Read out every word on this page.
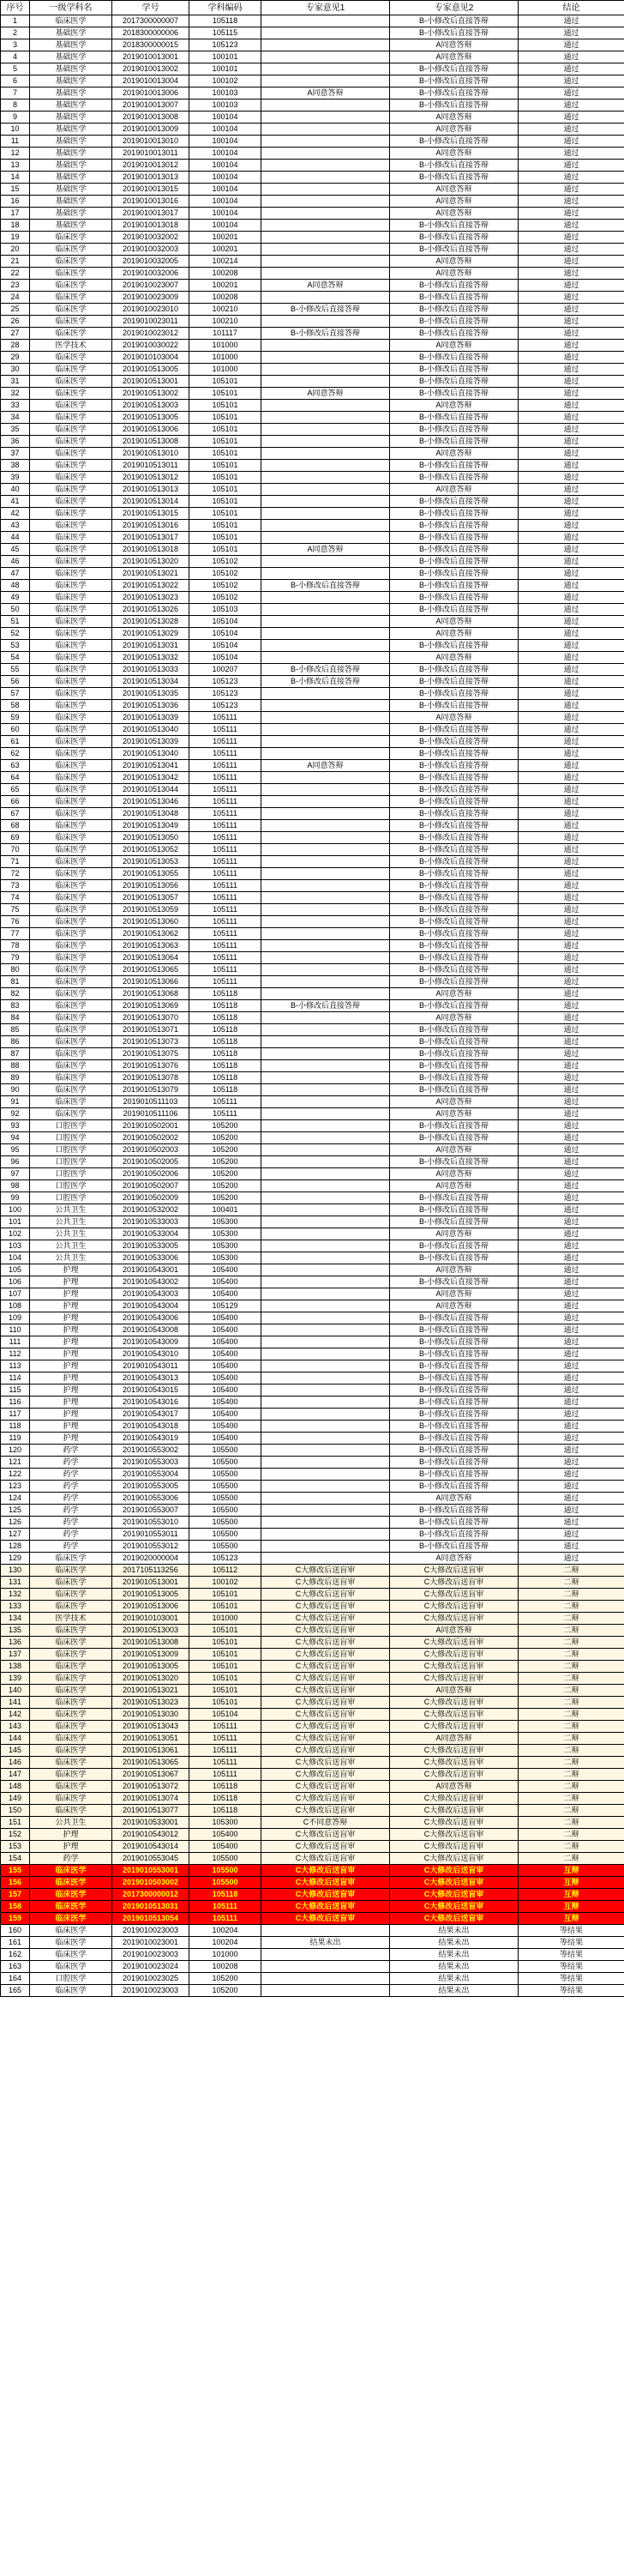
序号	一级学科名	学号	学科编码	专家意见1	专家意见2	结论
1	临床医学	2017300000007	105118		B-小修改后直接答辩	通过
2	基础医学	2018300000006	105115		B-小修改后直接答辩	通过
3	基础医学	2018300000015	105123		A同意答辩	通过
4	基础医学	2019010013001	100101		A同意答辩	通过
5	基础医学	2019010013002	100101		B-小修改后直接答辩	通过
6	基础医学	2019010013004	100102		B-小修改后直接答辩	通过
7	基础医学	2019010013006	100103	A同意答辩	B-小修改后直接答辩	通过
8	基础医学	2019010013007	100103		B-小修改后直接答辩	通过
9	基础医学	2019010013008	100104		A同意答辩	通过
10	基础医学	2019010013009	100104		A同意答辩	通过
11	基础医学	2019010013010	100104		B-小修改后直接答辩	通过
12	基础医学	2019010013011	100104		A同意答辩	通过
13	基础医学	2019010013012	100104		B-小修改后直接答辩	通过
14	基础医学	2019010013013	100104		B-小修改后直接答辩	通过
15	基础医学	2019010013015	100104		A同意答辩	通过
16	基础医学	2019010013016	100104		A同意答辩	通过
17	基础医学	2019010013017	100104		A同意答辩	通过
18	基础医学	2019010013018	100104		B-小修改后直接答辩	通过
19	临床医学	2019010032002	100201		B-小修改后直接答辩	通过
20	临床医学	2019010032003	100201		B-小修改后直接答辩	通过
21	临床医学	2019010032005	100214		A同意答辩	通过
22	临床医学	2019010032006	100208		A同意答辩	通过
23	临床医学	2019010023007	100201	A同意答辩	B-小修改后直接答辩	通过
24	临床医学	2019010023009	100208		B-小修改后直接答辩	通过
25	临床医学	2019010023010	100210	B-小修改后直接答辩	B-小修改后直接答辩	通过
26	临床医学	2019010023011	100210		B-小修改后直接答辩	通过
27	临床医学	2019010023012	101117	B-小修改后直接答辩	B-小修改后直接答辩	通过
28	医学技术	2019010030022	101000		A同意答辩	通过
29	临床医学	2019010103004	101000		B-小修改后直接答辩	通过
30	临床医学	2019010513005	101000		B-小修改后直接答辩	通过
31	临床医学	2019010513001	105101		B-小修改后直接答辩	通过
32	临床医学	2019010513002	105101	A同意答辩	B-小修改后直接答辩	通过
33	临床医学	2019010513003	105101		A同意答辩	通过
34	临床医学	2019010513005	105101		B-小修改后直接答辩	通过
35	临床医学	2019010513006	105101		B-小修改后直接答辩	通过
36	临床医学	2019010513008	105101		B-小修改后直接答辩	通过
37	临床医学	2019010513010	105101		A同意答辩	通过
38	临床医学	2019010513011	105101		B-小修改后直接答辩	通过
39	临床医学	2019010513012	105101		B-小修改后直接答辩	通过
40	临床医学	2019010513013	105101		A同意答辩	通过
41	临床医学	2019010513014	105101		B-小修改后直接答辩	通过
42	临床医学	2019010513015	105101		B-小修改后直接答辩	通过
43	临床医学	2019010513016	105101		B-小修改后直接答辩	通过
44	临床医学	2019010513017	105101		B-小修改后直接答辩	通过
45	临床医学	2019010513018	105101	A同意答辩	B-小修改后直接答辩	通过
46	临床医学	2019010513020	105102		B-小修改后直接答辩	通过
47	临床医学	2019010513021	105102		B-小修改后直接答辩	通过
48	临床医学	2019010513022	105102	B-小修改后直接答辩	B-小修改后直接答辩	通过
49	临床医学	2019010513023	105102		B-小修改后直接答辩	通过
50	临床医学	2019010513026	105103		B-小修改后直接答辩	通过
51	临床医学	2019010513028	105104		A同意答辩	通过
52	临床医学	2019010513029	105104		A同意答辩	通过
53	临床医学	2019010513031	105104		B-小修改后直接答辩	通过
54	临床医学	2019010513032	105104		A同意答辩	通过
55	临床医学	2019010513033	100207	B-小修改后直接答辩	B-小修改后直接答辩	通过
56	临床医学	2019010513034	105123	B-小修改后直接答辩	B-小修改后直接答辩	通过
57	临床医学	2019010513035	105123		B-小修改后直接答辩	通过
58	临床医学	2019010513036	105123		B-小修改后直接答辩	通过
59	临床医学	2019010513039	105111		A同意答辩	通过
60	临床医学	2019010513040	105111		B-小修改后直接答辩	通过
61	临床医学	2019010513039	105111		B-小修改后直接答辩	通过
62	临床医学	2019010513040	105111		B-小修改后直接答辩	通过
63	临床医学	2019010513041	105111	A同意答辩	B-小修改后直接答辩	通过
64	临床医学	2019010513042	105111		B-小修改后直接答辩	通过
65	临床医学	2019010513044	105111		B-小修改后直接答辩	通过
66	临床医学	2019010513046	105111		B-小修改后直接答辩	通过
67	临床医学	2019010513048	105111		B-小修改后直接答辩	通过
68	临床医学	2019010513049	105111		B-小修改后直接答辩	通过
69	临床医学	2019010513050	105111		B-小修改后直接答辩	通过
70	临床医学	2019010513052	105111		B-小修改后直接答辩	通过
71	临床医学	2019010513053	105111		B-小修改后直接答辩	通过
72	临床医学	2019010513055	105111		B-小修改后直接答辩	通过
73	临床医学	2019010513056	105111		B-小修改后直接答辩	通过
74	临床医学	2019010513057	105111		B-小修改后直接答辩	通过
75	临床医学	2019010513059	105111		B-小修改后直接答辩	通过
76	临床医学	2019010513060	105111		B-小修改后直接答辩	通过
77	临床医学	2019010513062	105111		B-小修改后直接答辩	通过
78	临床医学	2019010513063	105111		B-小修改后直接答辩	通过
79	临床医学	2019010513064	105111		B-小修改后直接答辩	通过
80	临床医学	2019010513065	105111		B-小修改后直接答辩	通过
81	临床医学	2019010513066	105111		B-小修改后直接答辩	通过
82	临床医学	2019010513068	105118		A同意答辩	通过
83	临床医学	2019010513069	105118	B-小修改后直接答辩	B-小修改后直接答辩	通过
84	临床医学	2019010513070	105118		A同意答辩	通过
85	临床医学	2019010513071	105118		B-小修改后直接答辩	通过
86	临床医学	2019010513073	105118		B-小修改后直接答辩	通过
87	临床医学	2019010513075	105118		B-小修改后直接答辩	通过
88	临床医学	2019010513076	105118		B-小修改后直接答辩	通过
89	临床医学	2019010513078	105118		B-小修改后直接答辩	通过
90	临床医学	2019010513079	105118		B-小修改后直接答辩	通过
91	临床医学	2019010511103	105111		A同意答辩	通过
92	临床医学	2019010511106	105111		A同意答辩	通过
93	口腔医学	2019010502001	105200		B-小修改后直接答辩	通过
94	口腔医学	2019010502002	105200		B-小修改后直接答辩	通过
95	口腔医学	2019010502003	105200		A同意答辩	通过
96	口腔医学	2019010502005	105200		B-小修改后直接答辩	通过
97	口腔医学	2019010502006	105200		A同意答辩	通过
98	口腔医学	2019010502007	105200		A同意答辩	通过
99	口腔医学	2019010502009	105200		B-小修改后直接答辩	通过
100	公共卫生	2019010532002	100401		B-小修改后直接答辩	通过
101	公共卫生	2019010533003	105300		B-小修改后直接答辩	通过
102	公共卫生	2019010533004	105300		A同意答辩	通过
103	公共卫生	2019010533005	105300		B-小修改后直接答辩	通过
104	公共卫生	2019010533006	105300		B-小修改后直接答辩	通过
105	护理	2019010543001	105400		A同意答辩	通过
106	护理	2019010543002	105400		B-小修改后直接答辩	通过
107	护理	2019010543003	105400		A同意答辩	通过
108	护理	2019010543004	105129		A同意答辩	通过
109	护理	2019010543006	105400		B-小修改后直接答辩	通过
110	护理	2019010543008	105400		B-小修改后直接答辩	通过
111	护理	2019010543009	105400		B-小修改后直接答辩	通过
112	护理	2019010543010	105400		B-小修改后直接答辩	通过
113	护理	2019010543011	105400		B-小修改后直接答辩	通过
114	护理	2019010543013	105400		B-小修改后直接答辩	通过
115	护理	2019010543015	105400		B-小修改后直接答辩	通过
116	护理	2019010543016	105400		B-小修改后直接答辩	通过
117	护理	2019010543017	105400		B-小修改后直接答辩	通过
118	护理	2019010543018	105400		B-小修改后直接答辩	通过
119	护理	2019010543019	105400		B-小修改后直接答辩	通过
120	药学	2019010553002	105500		B-小修改后直接答辩	通过
121	药学	2019010553003	105500		B-小修改后直接答辩	通过
122	药学	2019010553004	105500		B-小修改后直接答辩	通过
123	药学	2019010553005	105500		B-小修改后直接答辩	通过
124	药学	2019010553006	105500		A同意答辩	通过
125	药学	2019010553007	105500		B-小修改后直接答辩	通过
126	药学	2019010553010	105500		B-小修改后直接答辩	通过
127	药学	2019010553011	105500		B-小修改后直接答辩	通过
128	药学	2019010553012	105500		B-小修改后直接答辩	通过
129	临床医学	2019020000004	105123		A同意答辩	通过
130	临床医学	2017105113256	105112	C大修改后送盲审	C大修改后送盲审	二辩
131	临床医学	2019010513001	100102	C大修改后送盲审	C大修改后送盲审	二辩
132	临床医学	2019010513005	105101	C大修改后送盲审	C大修改后送盲审	二辩
133	临床医学	2019010513006	105101	C大修改后送盲审	C大修改后送盲审	二辩
134	医学技术	2019010103001	101000	C大修改后送盲审	C大修改后送盲审	二辩
135	临床医学	2019010513003	105101	C大修改后送盲审	A同意答辩	二辩
136	临床医学	2019010513008	105101	C大修改后送盲审	C大修改后送盲审	二辩
137	临床医学	2019010513009	105101	C大修改后送盲审	C大修改后送盲审	二辩
138	临床医学	2019010513005	105101	C大修改后送盲审	C大修改后送盲审	二辩
139	临床医学	2019010513020	105101	C大修改后送盲审	C大修改后送盲审	二辩
140	临床医学	2019010513021	105101	C大修改后送盲审	A同意答辩	二辩
141	临床医学	2019010513023	105101	C大修改后送盲审	C大修改后送盲审	二辩
142	临床医学	2019010513030	105104	C大修改后送盲审	C大修改后送盲审	二辩
143	临床医学	2019010513043	105111	C大修改后送盲审	C大修改后送盲审	二辩
144	临床医学	2019010513051	105111	C大修改后送盲审	A同意答辩	二辩
145	临床医学	2019010513061	105111	C大修改后送盲审	C大修改后送盲审	二辩
146	临床医学	2019010513065	105111	C大修改后送盲审	C大修改后送盲审	二辩
147	临床医学	2019010513067	105111	C大修改后送盲审	C大修改后送盲审	二辩
148	临床医学	2019010513072	105118	C大修改后送盲审	A同意答辩	二辩
149	临床医学	2019010513074	105118	C大修改后送盲审	C大修改后送盲审	二辩
150	临床医学	2019010513077	105118	C大修改后送盲审	C大修改后送盲审	二辩
151	公共卫生	2019010533001	105300	C不同意答辩	C大修改后送盲审	二辩
152	护理	2019010543012	105400	C大修改后送盲审	C大修改后送盲审	二辩
153	护理	2019010543014	105400	C大修改后送盲审	C大修改后送盲审	二辩
154	药学	2019010553045	105500	C大修改后送盲审	C大修改后送盲审	二辩
155	临床医学	2019010553001	105500	C大修改后送盲审	C大修改后送盲审	互辩
156	临床医学	2019010503002	105500	C大修改后送盲审	C大修改后送盲审	互辩
157	临床医学	2017300000012	105118	C大修改后送盲审	C大修改后送盲审	互辩
158	临床医学	2019010513031	105111	C大修改后送盲审	C大修改后送盲审	互辩
159	临床医学	2019010513054	105111	C大修改后送盲审	C大修改后送盲审	互辩
160	临床医学	2019010023003	100204		结果未出	等结果
161	临床医学	2019010023001	100204	结果未出	结果未出	等结果
162	临床医学	2019010023003	101000		结果未出	等结果
163	临床医学	2019010023024	100208		结果未出	等结果
164	口腔医学	2019010023025	105200		结果未出	等结果
165	临床医学	2019010023003	105200		结果未出	等结果
